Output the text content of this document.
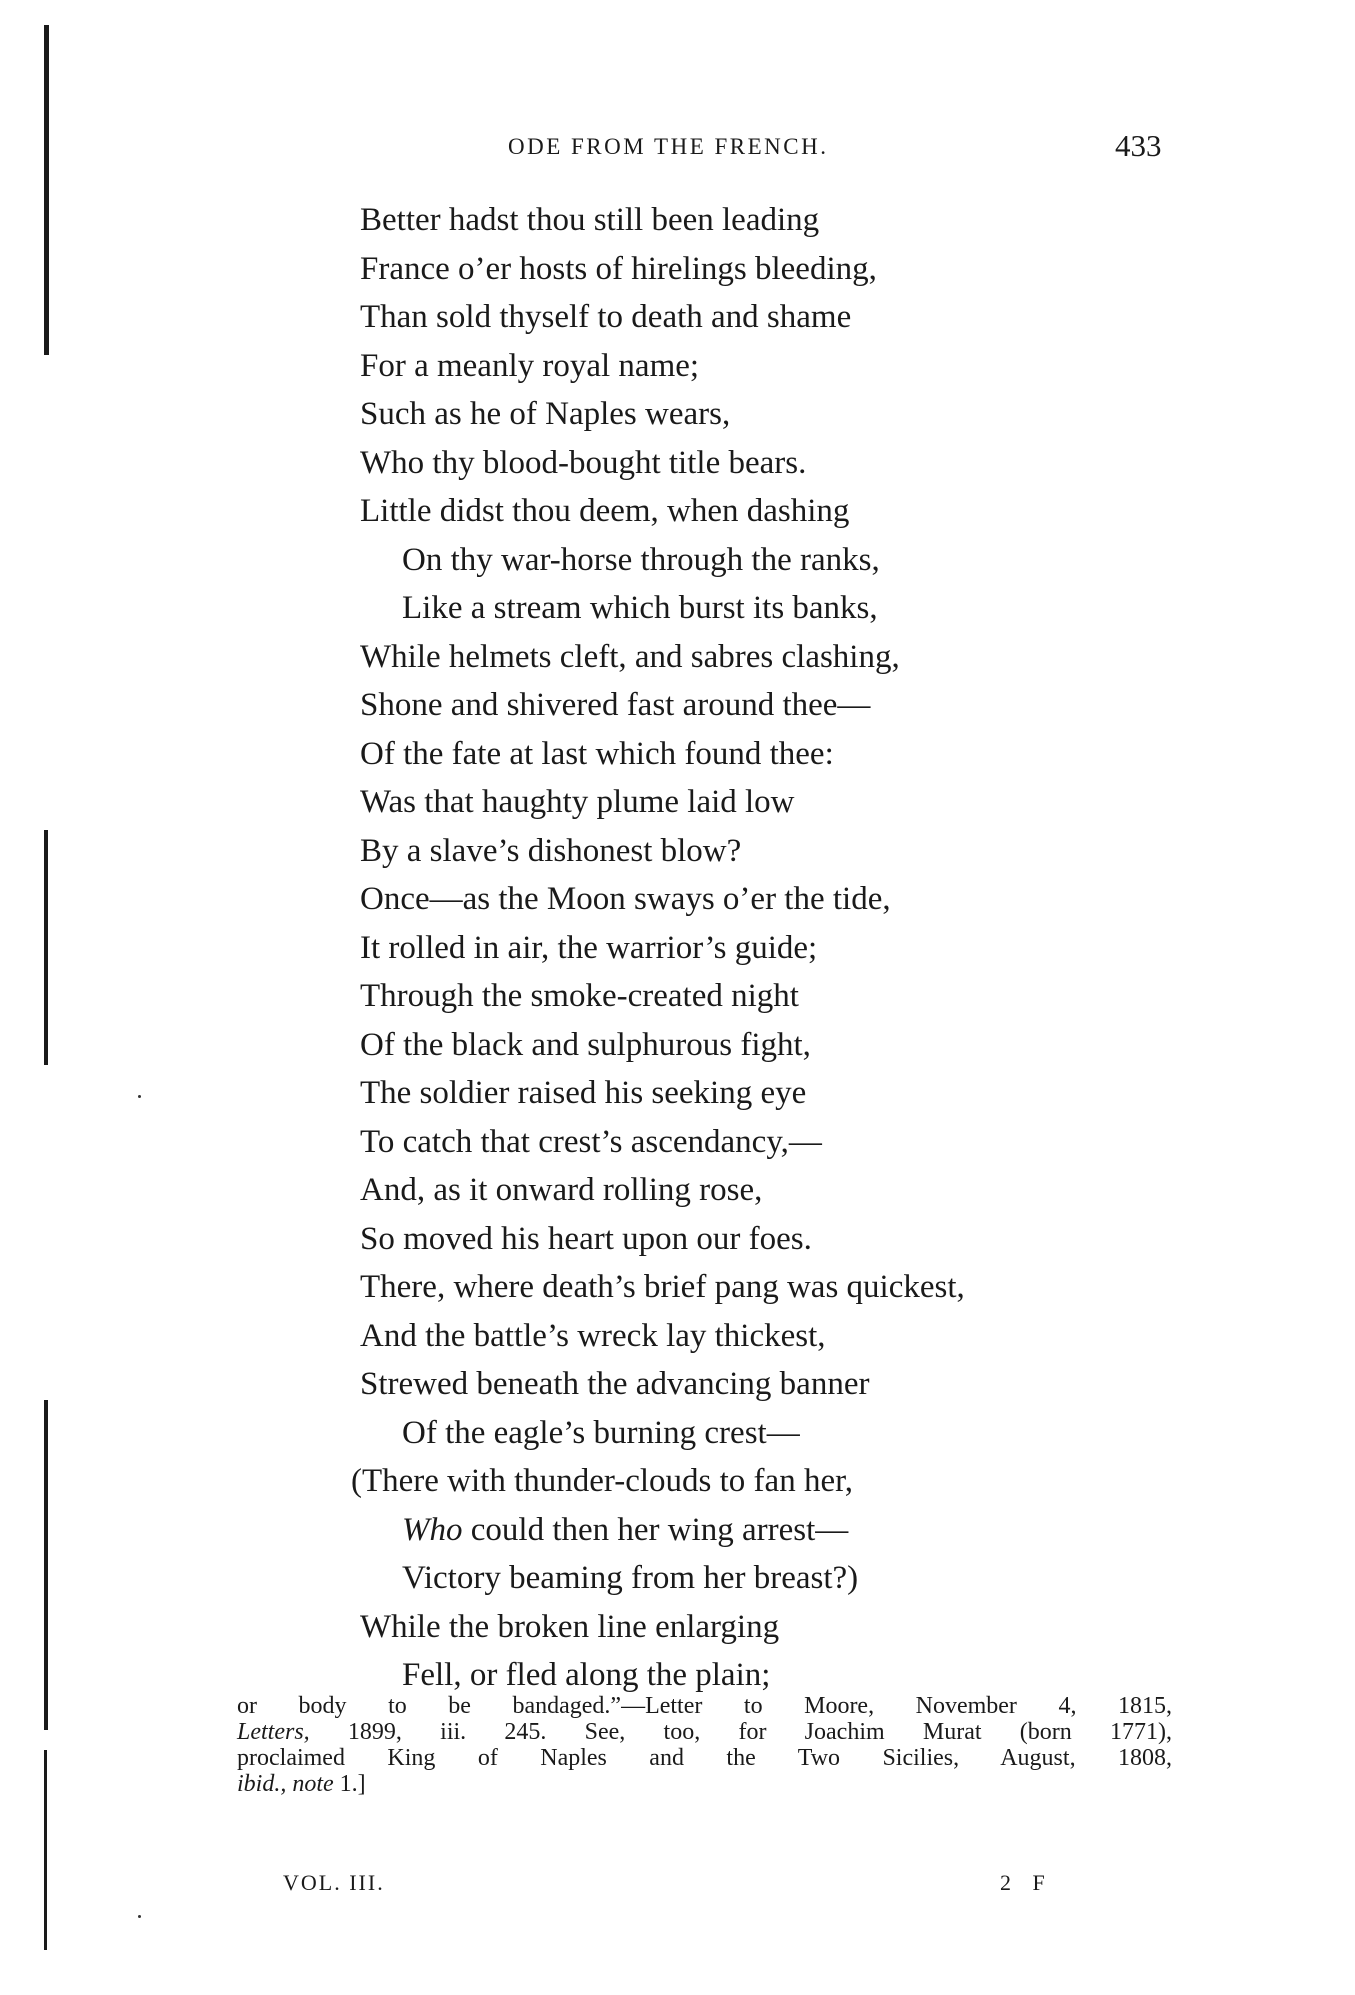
ODE FROM THE FRENCH.	433
Better hadst thou still been leading
France o’er hosts of hirelings bleeding,
Than sold thyself to death and shame
For a meanly royal name;
Such as he of Naples wears,
Who thy blood-bought title bears.
Little didst thou deem, when dashing
On thy war-horse through the ranks,
Like a stream which burst its banks,
While helmets cleft, and sabres clashing,
Shone and shivered fast around thee—
Of the fate at last which found thee:
Was that haughty plume laid low
By a slave’s dishonest blow?
Once—as the Moon sways o’er the tide,
It rolled in air, the warrior’s guide;
Through the smoke-created night
Of the black and sulphurous fight,
The soldier raised his seeking eye
To catch that crest’s ascendancy,—
And, as it onward rolling rose,
So moved his heart upon our foes.
There, where death’s brief pang was quickest,
And the battle’s wreck lay thickest,
Strewed beneath the advancing banner
Of the eagle’s burning crest—
(There with thunder-clouds to fan her,
Who could then her wing arrest—
Victory beaming from her breast?)
While the broken line enlarging
Fell, or fled along the plain;
or body to be bandaged.”—Letter to Moore, November 4, 1815,
Letters, 1899, iii. 245. See, too, for Joachim Murat (born 1771),
proclaimed King of Naples and the Two Sicilies, August, 1808,
ibid., note 1.]
VOL. III.	2 F
